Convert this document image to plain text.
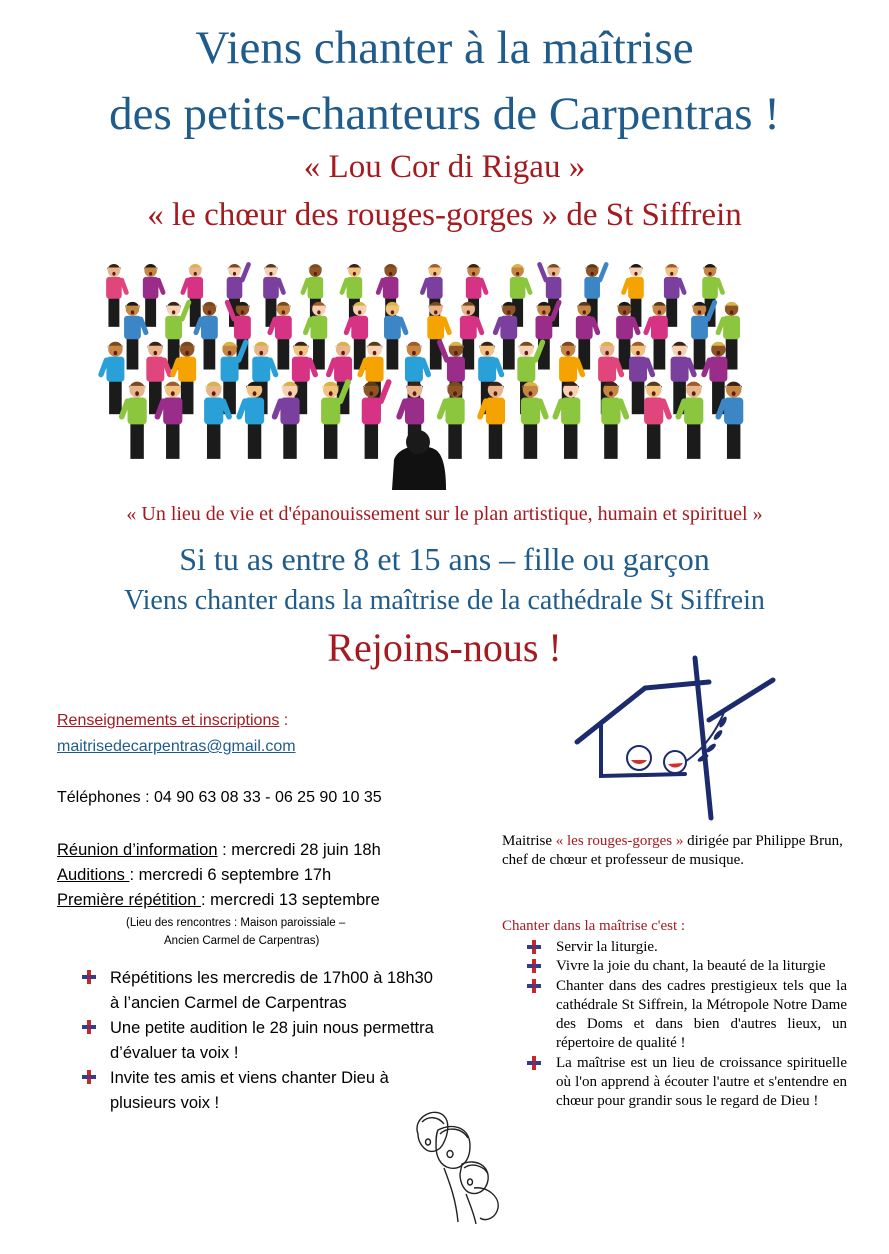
Viens chanter à la maîtrise
des petits-chanteurs de Carpentras !
« Lou Cor di Rigau »
« le chœur des rouges-gorges » de St Siffrein
« Un lieu de vie et d'épanouissement sur le plan artistique, humain et spirituel »
Si tu as entre 8 et 15 ans – fille ou garçon
Viens chanter dans la maîtrise de la cathédrale St Siffrein
Rejoins-nous !
Renseignements et inscriptions :
maitrisedecarpentras@gmail.com
Téléphones : 04 90 63 08 33 - 06 25 90 10 35
Réunion d’information : mercredi 28 juin 18h
Auditions : mercredi 6 septembre 17h
Première répétition : mercredi 13 septembre
(Lieu des rencontres : Maison paroissiale –
Ancien Carmel de Carpentras)
Répétitions les mercredis de 17h00 à 18h30 à l’ancien Carmel de Carpentras
Une petite audition le 28 juin nous permettra d’évaluer ta voix !
Invite tes amis et viens chanter Dieu à plusieurs voix !
Maitrise « les rouges-gorges » dirigée par Philippe Brun, chef de chœur et professeur de musique.
Chanter dans la maîtrise c'est :
Servir la liturgie.
Vivre la joie du chant, la beauté de la liturgie
Chanter dans des cadres prestigieux tels que la cathédrale St Siffrein, la Métropole Notre Dame des Doms et dans bien d'autres lieux, un répertoire de qualité !
La maîtrise est un lieu de croissance spirituelle où l'on apprend à écouter l'autre et s'entendre en chœur pour grandir sous le regard de Dieu !
